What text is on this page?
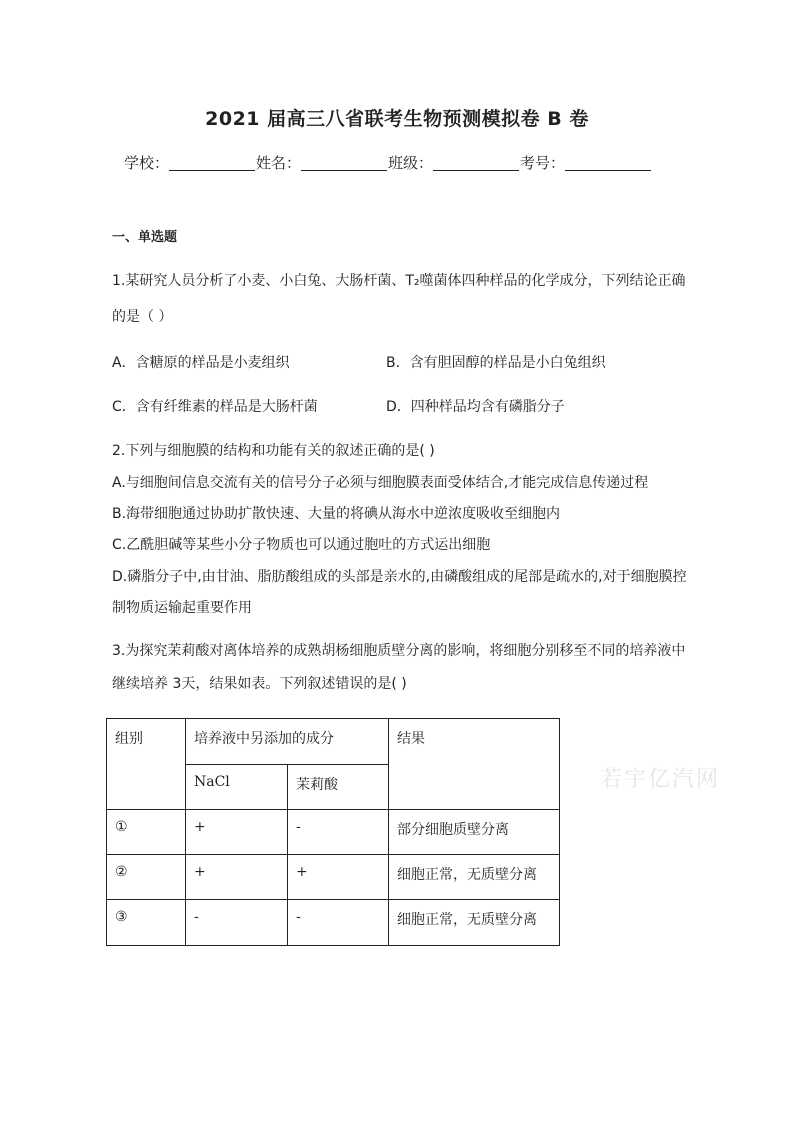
2021 届高三八省联考生物预测模拟卷 B 卷
学校：	姓名：	班级：	考号：
一、单选题
1.某研究人员分析了小麦、小白兔、大肠杆菌、T₂噬菌体四种样品的化学成分，下列结论正确
的是（ ）
A．含糖原的样品是小麦组织	B．含有胆固醇的样品是小白兔组织
C．含有纤维素的样品是大肠杆菌	D．四种样品均含有磷脂分子
2.下列与细胞膜的结构和功能有关的叙述正确的是( )
A.与细胞间信息交流有关的信号分子必须与细胞膜表面受体结合,才能完成信息传递过程
B.海带细胞通过协助扩散快速、大量的将碘从海水中逆浓度吸收至细胞内
C.乙酰胆碱等某些小分子物质也可以通过胞吐的方式运出细胞
D.磷脂分子中,由甘油、脂肪酸组成的头部是亲水的,由磷酸组成的尾部是疏水的,对于细胞膜控
制物质运输起重要作用
3.为探究茉莉酸对离体培养的成熟胡杨细胞质壁分离的影响，将细胞分别移至不同的培养液中
继续培养 3天，结果如表。下列叙述错误的是( )
组别	培养液中另添加的成分		结果
	NaCl	茉莉酸	
①	+	-	部分细胞质壁分离
②	+	+	细胞正常，无质壁分离
③	-	-	细胞正常，无质壁分离
若宇亿汽网
